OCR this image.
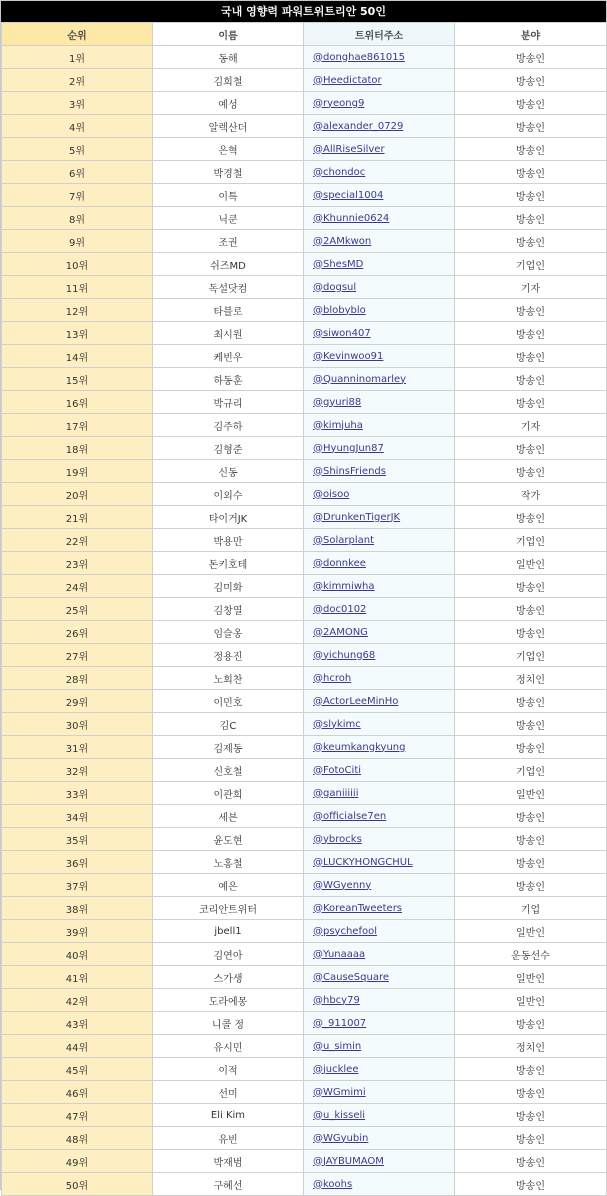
국내 영향력 파워트위트리안 50인
순위	이름	트위터주소	분야
1위	동해	@donghae861015	방송인
2위	김희철	@Heedictator	방송인
3위	예성	@ryeong9	방송인
4위	알렉산더	@alexander_0729	방송인
5위	은혁	@AllRiseSilver	방송인
6위	박경철	@chondoc	방송인
7위	이특	@special1004	방송인
8위	닉쿤	@Khunnie0624	방송인
9위	조권	@2AMkwon	방송인
10위	쉬즈MD	@ShesMD	기업인
11위	독설닷컴	@dogsul	기자
12위	타블로	@blobyblo	방송인
13위	최시원	@siwon407	방송인
14위	케빈우	@Kevinwoo91	방송인
15위	하동훈	@Quanninomarley	방송인
16위	박규리	@gyuri88	방송인
17위	김주하	@kimjuha	기자
18위	김형준	@HyungJun87	방송인
19위	신동	@ShinsFriends	방송인
20위	이외수	@oisoo	작가
21위	타이거JK	@DrunkenTigerJK	방송인
22위	박용만	@Solarplant	기업인
23위	돈키호테	@donnkee	일반인
24위	김미화	@kimmiwha	방송인
25위	김창열	@doc0102	방송인
26위	임슬옹	@2AMONG	방송인
27위	정용진	@yichung68	기업인
28위	노회찬	@hcroh	정치인
29위	이민호	@ActorLeeMinHo	방송인
30위	김C	@slykimc	방송인
31위	김제동	@keumkangkyung	방송인
32위	신호철	@FotoCiti	기업인
33위	이관희	@ganiiiiii	일반인
34위	세븐	@officialse7en	방송인
35위	윤도현	@ybrocks	방송인
36위	노홍철	@LUCKYHONGCHUL	방송인
37위	예은	@WGyenny	방송인
38위	코리안트위터	@KoreanTweeters	기업
39위	jbell1	@psychefool	일반인
40위	김연아	@Yunaaaa	운동선수
41위	스가생	@CauseSquare	일반인
42위	도라에몽	@hbcy79	일반인
43위	니콜 정	@_911007	방송인
44위	유시민	@u_simin	정치인
45위	이적	@jucklee	방송인
46위	선미	@WGmimi	방송인
47위	Eli Kim	@u_kisseli	방송인
48위	유빈	@WGyubin	방송인
49위	박재범	@JAYBUMAOM	방송인
50위	구혜선	@koohs	방송인
